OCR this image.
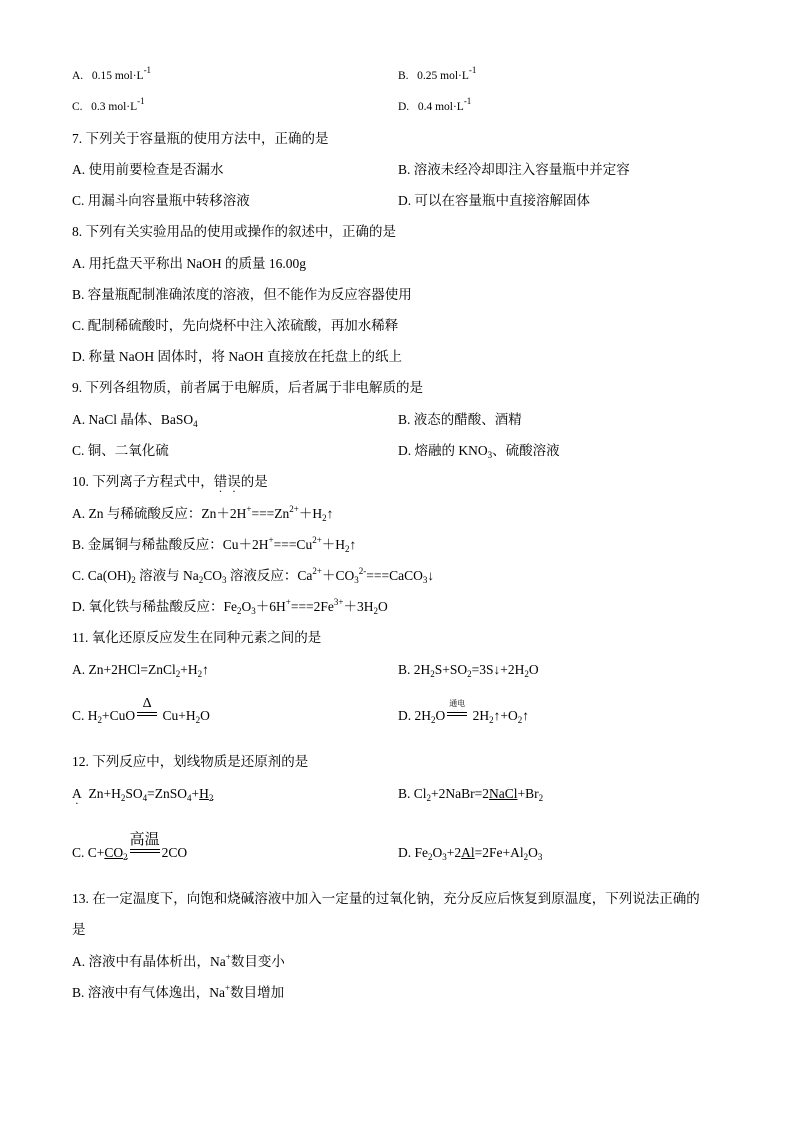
A. 0.15 $mol\cdot L^{-1}$	B. 0.25 $mol\cdot L^{-1}$
C. 0.3 $mol\cdot L^{-1}$	D. 0.4 $mol\cdot L^{-1}$
7. 下列关于容量瓶的使用方法中，正确的是
A. 使用前要检查是否漏水	B. 溶液未经冷却即注入容量瓶中并定容
C. 用漏斗向容量瓶中转移溶液	D. 可以在容量瓶中直接溶解固体
8. 下列有关实验用品的使用或操作的叙述中，正确的是
A. 用托盘天平称出 NaOH 的质量 16.00g
B. 容量瓶配制准确浓度的溶液，但不能作为反应容器使用
C. 配制稀硫酸时，先向烧杯中注入浓硫酸，再加水稀释
D. 称量 NaOH 固体时，将 NaOH 直接放在托盘上的纸上
9. 下列各组物质，前者属于电解质，后者属于非电解质的是
A. NaCl 晶体、BaSO$_4$	B. 液态的醋酸、酒精
C. 铜、二氧化硫	D. 熔融的 $KNO_3$、硫酸溶液
10. 下列离子方程式中，错误的是
A. Zn 与稀硫酸反应：$Zn+2H^+===Zn^{2+}+H_2↑$
B. 金属铜与稀盐酸反应：$Cu+2H^+===Cu^{2+}+H_2↑$
C. $Ca(OH)_2$ 溶液与 $Na_2CO_3$ 溶液反应：$Ca^{2+}+CO_3^{2-}===CaCO_3↓$
D. 氧化铁与稀盐酸反应：$Fe_2O_3+6H^+===2Fe^{3+}+3H_2O$
11. 氧化还原反应发生在同种元素之间的是
A. $Zn+2HCl=ZnCl_2+H_2↑$	B. $2H_2S+SO_2=3S↓+2H_2O$
C. $H_2+CuO$
Δ
$Cu+H_2O$	D. $2H_2O$
通电
$2H_2↑+O_2↑$
12. 下列反应中，划线物质是还原剂的是
$A \cdot Zn+H_2SO_4=ZnSO_4+H_2$	B. $Cl_2+2NaBr=2NaCl+Br_2$
C. $C+CO_2$
高温
2CO	D. $Fe_2O_3+2Al=2Fe+Al_2O_3$
13. 在一定温度下，向饱和烧碱溶液中加入一定量的过氧化钠，充分反应后恢复到原温度，下列说法正确的
是
A. 溶液中有晶体析出，Na+数目变小
B. 溶液中有气体逸出，Na+数目增加
